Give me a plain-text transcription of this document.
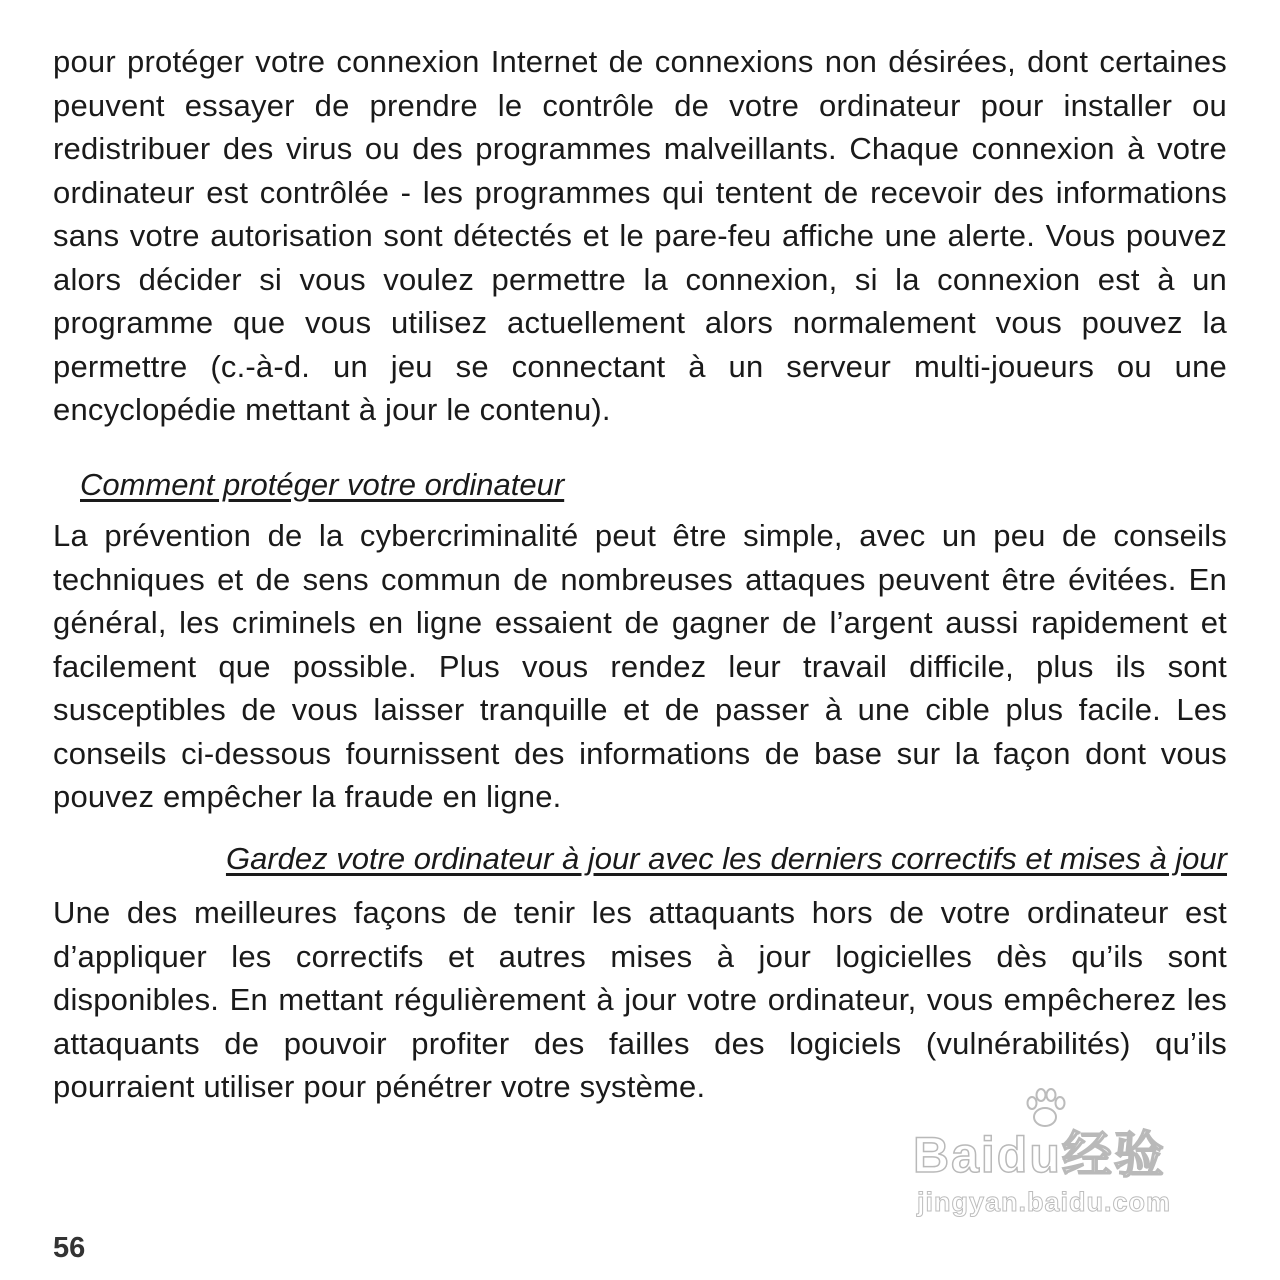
pour protéger votre connexion Internet de connexions non désirées, dont certaines peuvent essayer de prendre le contrôle de votre ordinateur pour installer ou redistribuer des virus ou des programmes malveillants. Chaque connexion à votre ordinateur est contrôlée - les programmes qui tentent de recevoir des informations sans votre autorisation sont détectés et le pare-feu affiche une alerte. Vous pouvez alors décider si vous voulez permettre la connexion, si la connexion est à un programme que vous utilisez actuellement alors normalement vous pouvez la permettre (c.-à-d. un jeu se connectant à un serveur multi-joueurs ou une encyclopédie mettant à jour le contenu).

Comment protéger votre ordinateur

La prévention de la cybercriminalité peut être simple, avec un peu de conseils techniques et de sens commun de nombreuses attaques peuvent être évitées. En général, les criminels en ligne essaient de gagner de l’argent aussi rapidement et facilement que possible. Plus vous rendez leur travail difficile, plus ils sont susceptibles de vous laisser tranquille et de passer à une cible plus facile. Les conseils ci-dessous fournissent des informations de base sur la façon dont vous pouvez empêcher la fraude en ligne.

Gardez votre ordinateur à jour avec les derniers correctifs et mises à jour

Une des meilleures façons de tenir les attaquants hors de votre ordinateur est d’appliquer les correctifs et autres mises à jour logicielles dès qu’ils sont disponibles. En mettant régulièrement à jour votre ordinateur, vous empêcherez les attaquants de pouvoir profiter des failles des logiciels (vulnérabilités) qu’ils pourraient utiliser pour pénétrer votre système.

56
Baidu经验
jingyan.baidu.com
